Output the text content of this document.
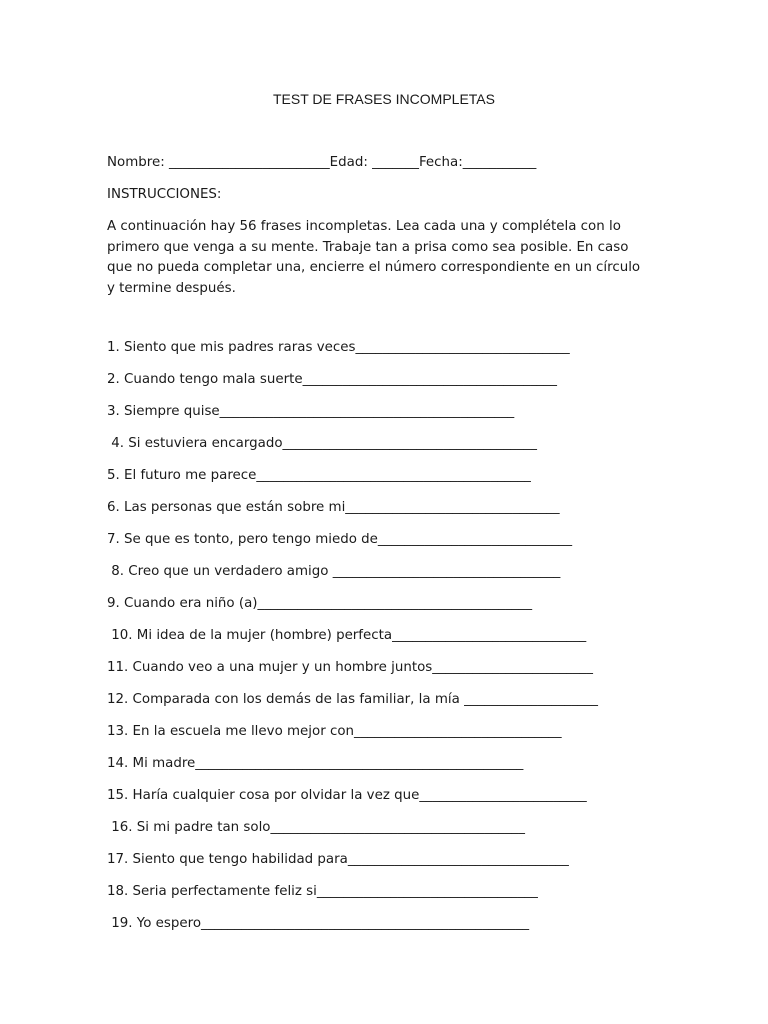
TEST DE FRASES INCOMPLETAS
Nombre: ________________________Edad: _______Fecha:___________
INSTRUCCIONES:
A continuación hay 56 frases incompletas. Lea cada una y complétela con lo
primero que venga a su mente. Trabaje tan a prisa como sea posible. En caso
que no pueda completar una, encierre el número correspondiente en un círculo
y termine después.
1. Siento que mis padres raras veces________________________________
2. Cuando tengo mala suerte______________________________________
3. Siempre quise____________________________________________
4. Si estuviera encargado______________________________________
5. El futuro me parece_________________________________________
6. Las personas que están sobre mi________________________________
7. Se que es tonto, pero tengo miedo de_____________________________
8. Creo que un verdadero amigo __________________________________
9. Cuando era niño (a)_________________________________________
10. Mi idea de la mujer (hombre) perfecta_____________________________
11. Cuando veo a una mujer y un hombre juntos________________________
12. Comparada con los demás de las familiar, la mía ____________________
13. En la escuela me llevo mejor con_______________________________
14. Mi madre_________________________________________________
15. Haría cualquier cosa por olvidar la vez que_________________________
16. Si mi padre tan solo______________________________________
17. Siento que tengo habilidad para_________________________________
18. Seria perfectamente feliz si_________________________________
19. Yo espero_________________________________________________
